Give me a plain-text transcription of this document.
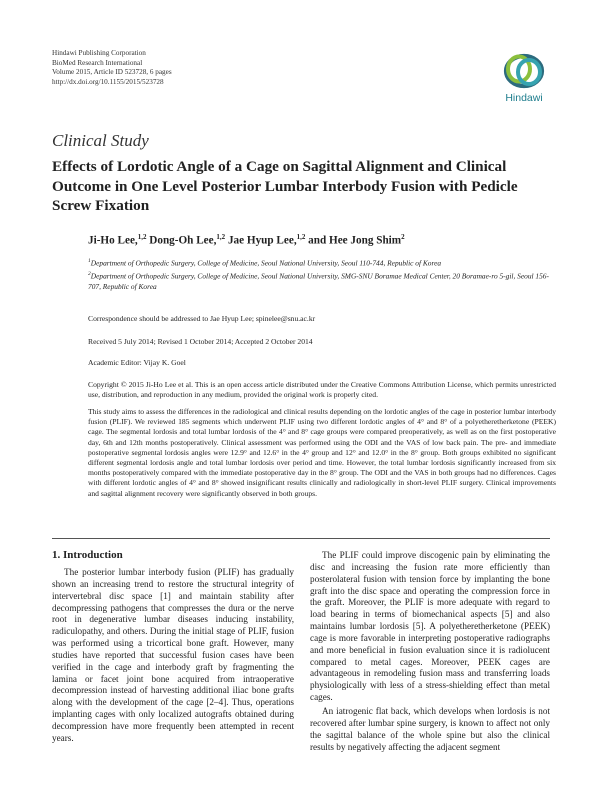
Hindawi Publishing Corporation
BioMed Research International
Volume 2015, Article ID 523728, 6 pages
http://dx.doi.org/10.1155/2015/523728
Hindawi
Clinical Study
Effects of Lordotic Angle of a Cage on Sagittal Alignment and Clinical Outcome in One Level Posterior Lumbar Interbody Fusion with Pedicle Screw Fixation
Ji-Ho Lee,$^{1,2}$ Dong-Oh Lee,$^{1,2}$ Jae Hyup Lee,$^{1,2}$ and Hee Jong Shim$^2$
$^1$Department of Orthopedic Surgery, College of Medicine, Seoul National University, Seoul 110-744, Republic of Korea
$^2$Department of Orthopedic Surgery, College of Medicine, Seoul National University, SMG-SNU Boramae Medical Center, 20 Boramae-ro 5-gil, Seoul 156-707, Republic of Korea
Correspondence should be addressed to Jae Hyup Lee; spinelee@snu.ac.kr
Received 5 July 2014; Revised 1 October 2014; Accepted 2 October 2014
Academic Editor: Vijay K. Goel
Copyright © 2015 Ji-Ho Lee et al. This is an open access article distributed under the Creative Commons Attribution License, which permits unrestricted use, distribution, and reproduction in any medium, provided the original work is properly cited.
This study aims to assess the differences in the radiological and clinical results depending on the lordotic angles of the cage in posterior lumbar interbody fusion (PLIF). We reviewed 185 segments which underwent PLIF using two different lordotic angles of 4° and 8° of a polyetheretherketone (PEEK) cage. The segmental lordosis and total lumbar lordosis of the 4° and 8° cage groups were compared preoperatively, as well as on the first postoperative day, 6th and 12th months postoperatively. Clinical assessment was performed using the ODI and the VAS of low back pain. The pre- and immediate postoperative segmental lordosis angles were 12.9° and 12.6° in the 4° group and 12° and 12.0° in the 8° group. Both groups exhibited no significant different segmental lordosis angle and total lumbar lordosis over period and time. However, the total lumbar lordosis significantly increased from six months postoperatively compared with the immediate postoperative day in the 8° group. The ODI and the VAS in both groups had no differences. Cages with different lordotic angles of 4° and 8° showed insignificant results clinically and radiologically in short-level PLIF surgery. Clinical improvements and sagittal alignment recovery were significantly observed in both groups.
1. Introduction

The posterior lumbar interbody fusion (PLIF) has gradually shown an increasing trend to restore the structural integrity of intervertebral disc space [1] and maintain stability after decompressing pathogens that compresses the dura or the nerve root in degenerative lumbar diseases inducing instability, radiculopathy, and others. During the initial stage of PLIF, fusion was performed using a tricortical bone graft. However, many studies have reported that successful fusion cases have been verified in the cage and interbody graft by fragmenting the lamina or facet joint bone acquired from intraoperative decompression instead of harvesting additional iliac bone grafts along with the development of the cage [2–4]. Thus, operations implanting cages with only localized autografts obtained during decompression have more frequently been attempted in recent years.

The PLIF could improve discogenic pain by eliminating the disc and increasing the fusion rate more efficiently than posterolateral fusion with tension force by implanting the bone graft into the disc space and operating the compression force in the graft. Moreover, the PLIF is more adequate with regard to load bearing in terms of biomechanical aspects [5] and also maintains lumbar lordosis [5]. A polyetheretherketone (PEEK) cage is more favorable in interpreting postoperative radiographs and more beneficial in fusion evaluation since it is radiolucent compared to metal cages. Moreover, PEEK cages are advantageous in remodeling fusion mass and transferring loads physiologically with less of a stress-shielding effect than metal cages.

An iatrogenic flat back, which develops when lordosis is not recovered after lumbar spine surgery, is known to affect not only the sagittal balance of the whole spine but also the clinical results by negatively affecting the adjacent segment
